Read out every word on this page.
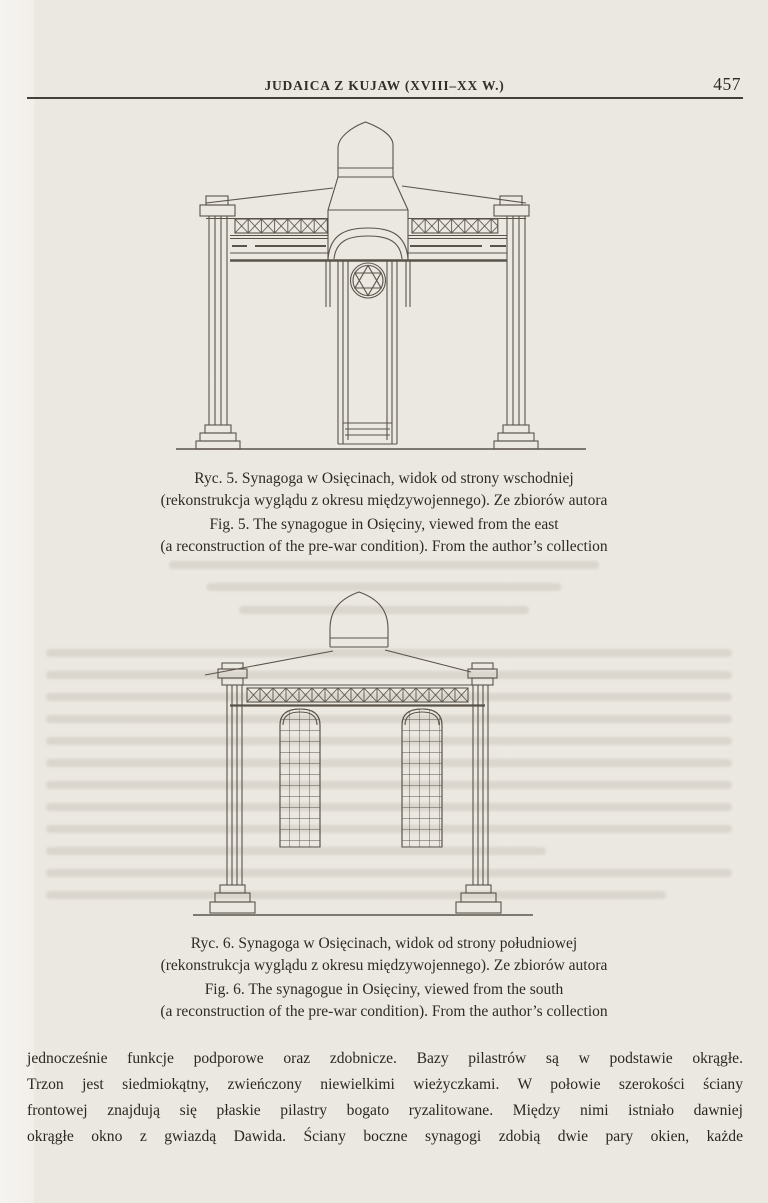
JUDAICA Z KUJAW (XVIII–XX W.)	457
Ryc. 5. Synagoga w Osięcinach, widok od strony wschodniej
(rekonstrukcja wyglądu z okresu międzywojennego). Ze zbiorów autora
Fig. 5. The synagogue in Osięciny, viewed from the east
(a reconstruction of the pre-war condition). From the author’s collection
Ryc. 6. Synagoga w Osięcinach, widok od strony południowej
(rekonstrukcja wyglądu z okresu międzywojennego). Ze zbiorów autora
Fig. 6. The synagogue in Osięciny, viewed from the south
(a reconstruction of the pre-war condition). From the author’s collection
jednocześnie funkcje podporowe oraz zdobnicze. Bazy pilastrów są w podstawie okrągłe.
Trzon jest siedmiokątny, zwieńczony niewielkimi wieżyczkami. W połowie szerokości ściany
frontowej znajdują się płaskie pilastry bogato ryzalitowane. Między nimi istniało dawniej
okrągłe okno z gwiazdą Dawida. Ściany boczne synagogi zdobią dwie pary okien, każde
